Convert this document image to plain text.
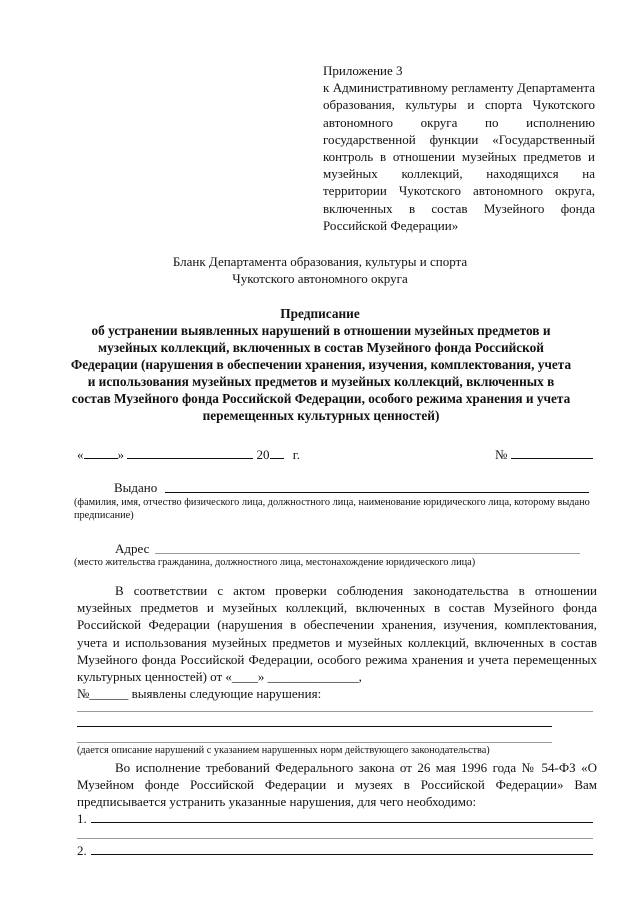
Приложение 3
к Административному регламенту Департамента образования, культуры и спорта Чукотского автономного округа по исполнению государственной функции «Государственный контроль в отношении музейных предметов и музейных коллекций, находящихся на территории Чукотского автономного округа, включенных в состав Музейного фонда Российской Федерации»
Бланк Департамента образования, культуры и спорта
Чукотского автономного округа
Предписание
об устранении выявленных нарушений в отношении музейных предметов и музейных коллекций, включенных в состав Музейного фонда Российской Федерации (нарушения в обеспечении хранения, изучения, комплектования, учета и использования музейных предметов и музейных коллекций, включенных в состав Музейного фонда Российской Федерации, особого режима хранения и учета перемещенных культурных ценностей)
«	»	20 г.	№
Выдано
(фамилия, имя, отчество физического лица, должностного лица, наименование юридического лица, которому выдано предписание)
Адрес
(место жительства гражданина, должностного лица, местонахождение юридического лица)
В соответствии с актом проверки соблюдения законодательства в отношении музейных предметов и музейных коллекций, включенных в состав Музейного фонда Российской Федерации (нарушения в обеспечении хранения, изучения, комплектования, учета и использования музейных предметов и музейных коллекций, включенных в состав Музейного фонда Российской Федерации, особого режима хранения и учета перемещенных культурных ценностей) от «____» ______________,
№______ выявлены следующие нарушения:
(дается описание нарушений с указанием нарушенных норм действующего законодательства)
Во исполнение требований Федерального закона от 26 мая 1996 года № 54-ФЗ «О Музейном фонде Российской Федерации и музеях в Российской Федерации» Вам предписывается устранить указанные нарушения, для чего необходимо:
1.
2.
